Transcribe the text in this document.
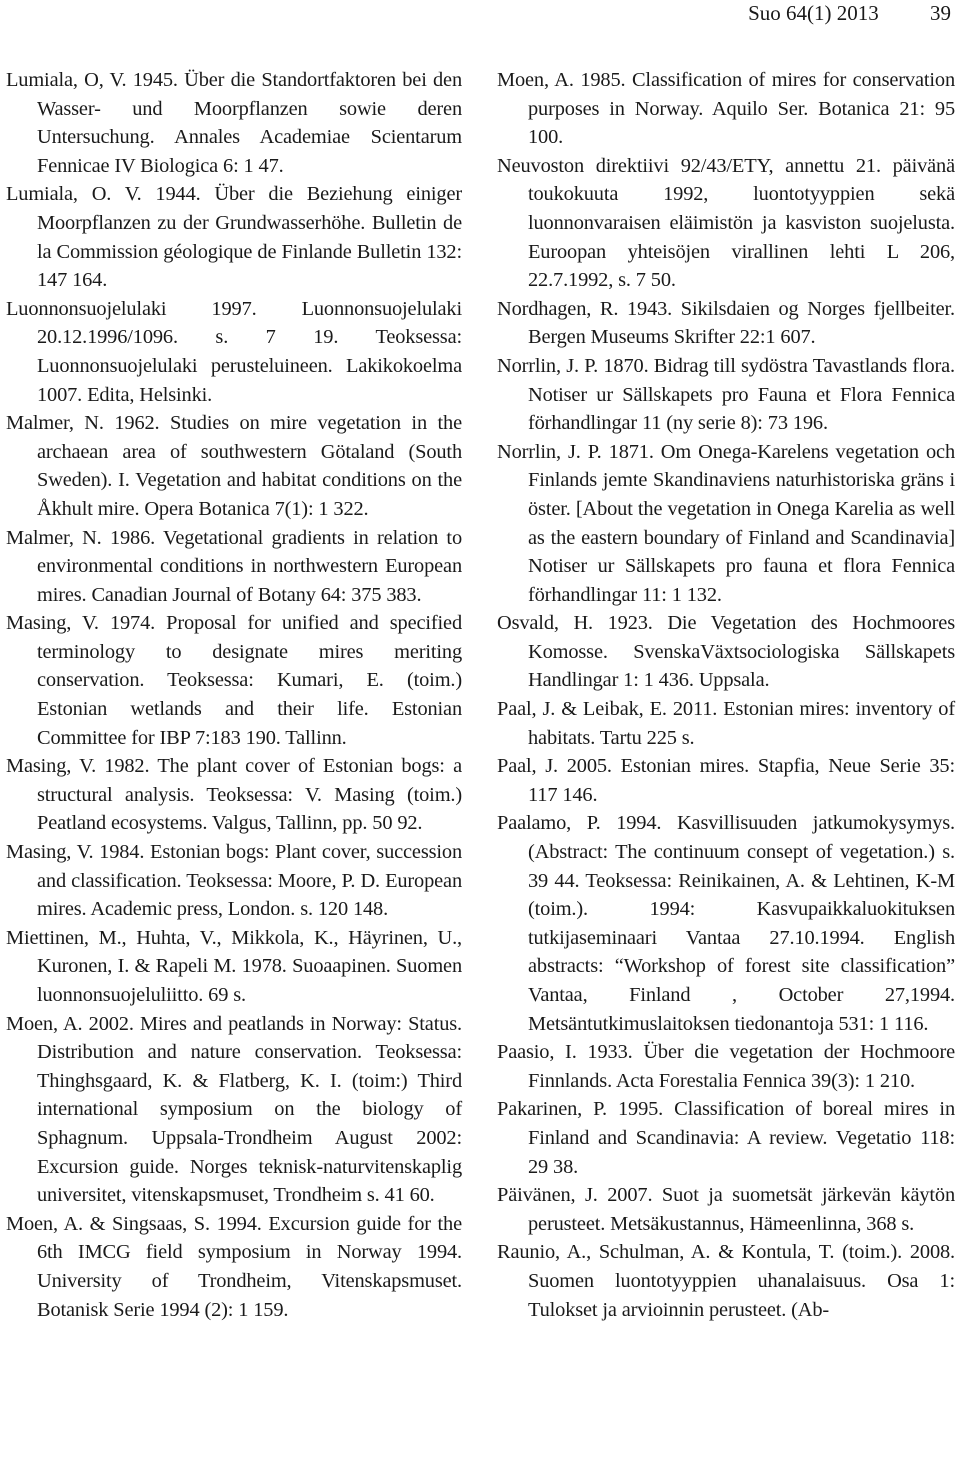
Suo 64(1) 2013 39

Lumiala, O, V. 1945. Über die Standortfaktoren bei den Wasser- und Moorpflanzen sowie deren Untersuchung. Annales Academiae Scientarum Fennicae IV Biologica 6: 1 47.

Lumiala, O. V. 1944. Über die Beziehung einiger Moorpflanzen zu der Grundwasserhöhe. Bulletin de la Commission géologique de Finlande Bulletin 132: 147 164.

Luonnonsuojelulaki 1997. Luonnonsuojelulaki 20.12.1996/1096. s. 7 19. Teoksessa: Luonnonsuojelulaki perusteluineen. Lakikokoelma 1007. Edita, Helsinki.

Malmer, N. 1962. Studies on mire vegetation in the archaean area of southwestern Götaland (South Sweden). I. Vegetation and habitat conditions on the Åkhult mire. Opera Botanica 7(1): 1 322.

Malmer, N. 1986. Vegetational gradients in relation to environmental conditions in northwestern European mires. Canadian Journal of Botany 64: 375 383.

Masing, V. 1974. Proposal for unified and specified terminology to designate mires meriting conservation. Teoksessa: Kumari, E. (toim.) Estonian wetlands and their life. Estonian Committee for IBP 7:183 190. Tallinn.

Masing, V. 1982. The plant cover of Estonian bogs: a structural analysis. Teoksessa: V. Masing (toim.) Peatland ecosystems. Valgus, Tallinn, pp. 50 92.

Masing, V. 1984. Estonian bogs: Plant cover, succession and classification. Teoksessa: Moore, P. D. European mires. Academic press, London. s. 120 148.

Miettinen, M., Huhta, V., Mikkola, K., Häyrinen, U., Kuronen, I. & Rapeli M. 1978. Suoaapinen. Suomen luonnonsuojeluliitto. 69 s.

Moen, A. 2002. Mires and peatlands in Norway: Status. Distribution and nature conservation. Teoksessa: Thinghsgaard, K. & Flatberg, K. I. (toim:) Third international symposium on the biology of Sphagnum. Uppsala-Trondheim August 2002: Excursion guide. Norges teknisk-naturvitenskaplig universitet, vitenskapsmuset, Trondheim s. 41 60.

Moen, A. & Singsaas, S. 1994. Excursion guide for the 6th IMCG field symposium in Norway 1994. University of Trondheim, Vitenskapsmuset. Botanisk Serie 1994 (2): 1 159.

Moen, A. 1985. Classification of mires for conservation purposes in Norway. Aquilo Ser. Botanica 21: 95 100.

Neuvoston direktiivi 92/43/ETY, annettu 21. päivänä toukokuuta 1992, luontotyyppien sekä luonnonvaraisen eläimistön ja kasviston suojelusta. Euroopan yhteisöjen virallinen lehti L 206, 22.7.1992, s. 7 50.

Nordhagen, R. 1943. Sikilsdaien og Norges fjellbeiter. Bergen Museums Skrifter 22:1 607.

Norrlin, J. P. 1870. Bidrag till sydöstra Tavastlands flora. Notiser ur Sällskapets pro Fauna et Flora Fennica förhandlingar 11 (ny serie 8): 73 196.

Norrlin, J. P. 1871. Om Onega-Karelens vegetation och Finlands jemte Skandinaviens naturhistoriska gräns i öster. [About the vegetation in Onega Karelia as well as the eastern boundary of Finland and Scandinavia] Notiser ur Sällskapets pro fauna et flora Fennica förhandlingar 11: 1 132.

Osvald, H. 1923. Die Vegetation des Hochmoores Komosse. SvenskaVäxtsociologiska Sällskapets Handlingar 1: 1 436. Uppsala.

Paal, J. & Leibak, E. 2011. Estonian mires: inventory of habitats. Tartu 225 s.

Paal, J. 2005. Estonian mires. Stapfia, Neue Serie 35: 117 146.

Paalamo, P. 1994. Kasvillisuuden jatkumokysymys. (Abstract: The continuum consept of vegetation.) s. 39 44. Teoksessa: Reinikainen, A. & Lehtinen, K-M (toim.). 1994: Kasvupaikkaluokituksen tutkijaseminaari Vantaa 27.10.1994. English abstracts: “Workshop of forest site classification” Vantaa, Finland , October 27,1994. Metsäntutkimuslaitoksen tiedonantoja 531: 1 116.

Paasio, I. 1933. Über die vegetation der Hochmoore Finnlands. Acta Forestalia Fennica 39(3): 1 210.

Pakarinen, P. 1995. Classification of boreal mires in Finland and Scandinavia: A review. Vegetatio 118: 29 38.

Päivänen, J. 2007. Suot ja suometsät järkevän käytön perusteet. Metsäkustannus, Hämeenlinna, 368 s.

Raunio, A., Schulman, A. & Kontula, T. (toim.). 2008. Suomen luontotyyppien uhanalaisuus. Osa 1: Tulokset ja arvioinnin perusteet. (Ab-
